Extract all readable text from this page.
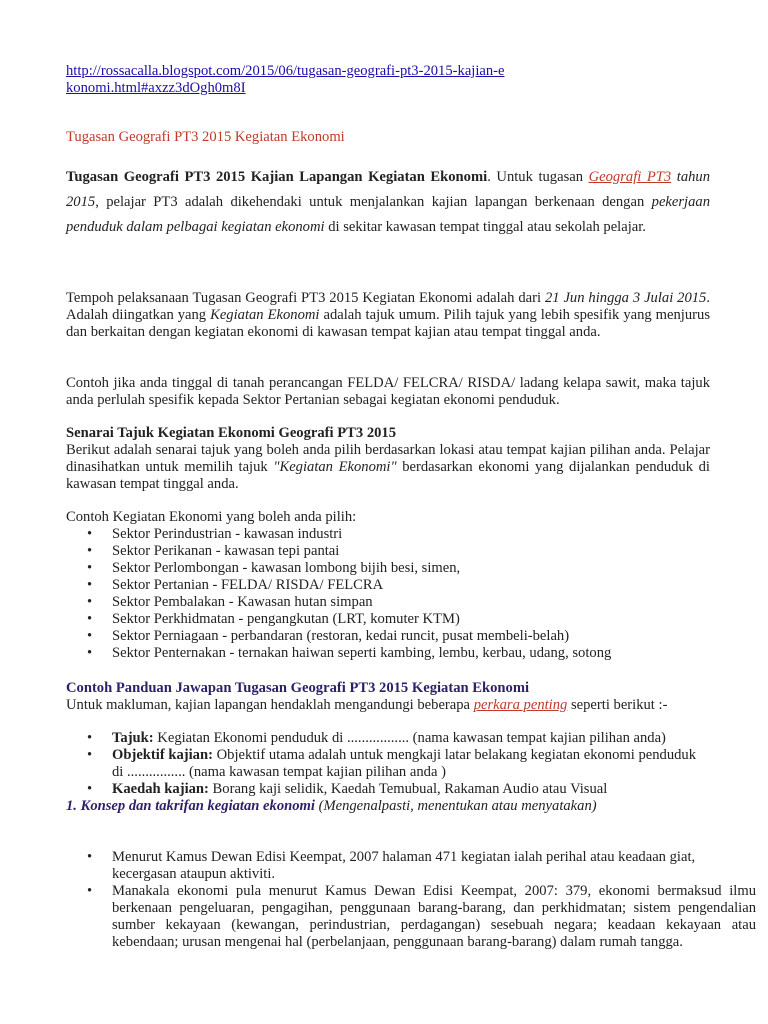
http://rossacalla.blogspot.com/2015/06/tugasan-geografi-pt3-2015-kajian-ekonomi.html#axzz3dOgh0m8I
Tugasan Geografi PT3 2015 Kegiatan Ekonomi

Tugasan Geografi PT3 2015 Kajian Lapangan Kegiatan Ekonomi. Untuk tugasan Geografi PT3 tahun 2015, pelajar PT3 adalah dikehendaki untuk menjalankan kajian lapangan berkenaan dengan pekerjaan penduduk dalam pelbagai kegiatan ekonomi di sekitar kawasan tempat tinggal atau sekolah pelajar.

Tempoh pelaksanaan Tugasan Geografi PT3 2015 Kegiatan Ekonomi adalah dari 21 Jun hingga 3 Julai 2015. Adalah diingatkan yang Kegiatan Ekonomi adalah tajuk umum. Pilih tajuk yang lebih spesifik yang menjurus dan berkaitan dengan kegiatan ekonomi di kawasan tempat kajian atau tempat tinggal anda.

Contoh jika anda tinggal di tanah perancangan FELDA/ FELCRA/ RISDA/ ladang kelapa sawit, maka tajuk anda perlulah spesifik kepada Sektor Pertanian sebagai kegiatan ekonomi penduduk.

Senarai Tajuk Kegiatan Ekonomi Geografi PT3 2015

Berikut adalah senarai tajuk yang boleh anda pilih berdasarkan lokasi atau tempat kajian pilihan anda. Pelajar dinasihatkan untuk memilih tajuk "Kegiatan Ekonomi" berdasarkan ekonomi yang dijalankan penduduk di kawasan tempat tinggal anda.

Contoh Kegiatan Ekonomi yang boleh anda pilih:
• Sektor Perindustrian - kawasan industri
• Sektor Perikanan - kawasan tepi pantai
• Sektor Perlombongan - kawasan lombong bijih besi, simen,
• Sektor Pertanian - FELDA/ RISDA/ FELCRA
• Sektor Pembalakan - Kawasan hutan simpan
• Sektor Perkhidmatan - pengangkutan (LRT, komuter KTM)
• Sektor Perniagaan - perbandaran (restoran, kedai runcit, pusat membeli-belah)
• Sektor Penternakan - ternakan haiwan seperti kambing, lembu, kerbau, udang, sotong
Contoh Panduan Jawapan Tugasan Geografi PT3 2015 Kegiatan Ekonomi

Untuk makluman, kajian lapangan hendaklah mengandungi beberapa perkara penting seperti berikut :-

• Tajuk: Kegiatan Ekonomi penduduk di ................. (nama kawasan tempat kajian pilihan anda)
• Objektif kajian: Objektif utama adalah untuk mengkaji latar belakang kegiatan ekonomi penduduk di ................ (nama kawasan tempat kajian pilihan anda )
• Kaedah kajian: Borang kaji selidik, Kaedah Temubual, Rakaman Audio atau Visual
1. Konsep dan takrifan kegiatan ekonomi (Mengenalpasti, menentukan atau menyatakan)
• Menurut Kamus Dewan Edisi Keempat, 2007 halaman 471 kegiatan ialah perihal atau keadaan giat, kecergasan ataupun aktiviti.
• Manakala ekonomi pula menurut Kamus Dewan Edisi Keempat, 2007: 379, ekonomi bermaksud ilmu berkenaan pengeluaran, pengagihan, penggunaan barang-barang, dan perkhidmatan; sistem pengendalian sumber kekayaan (kewangan, perindustrian, perdagangan) sesebuah negara; keadaan kekayaan atau kebendaan; urusan mengenai hal (perbelanjaan, penggunaan barang-barang) dalam rumah tangga.
